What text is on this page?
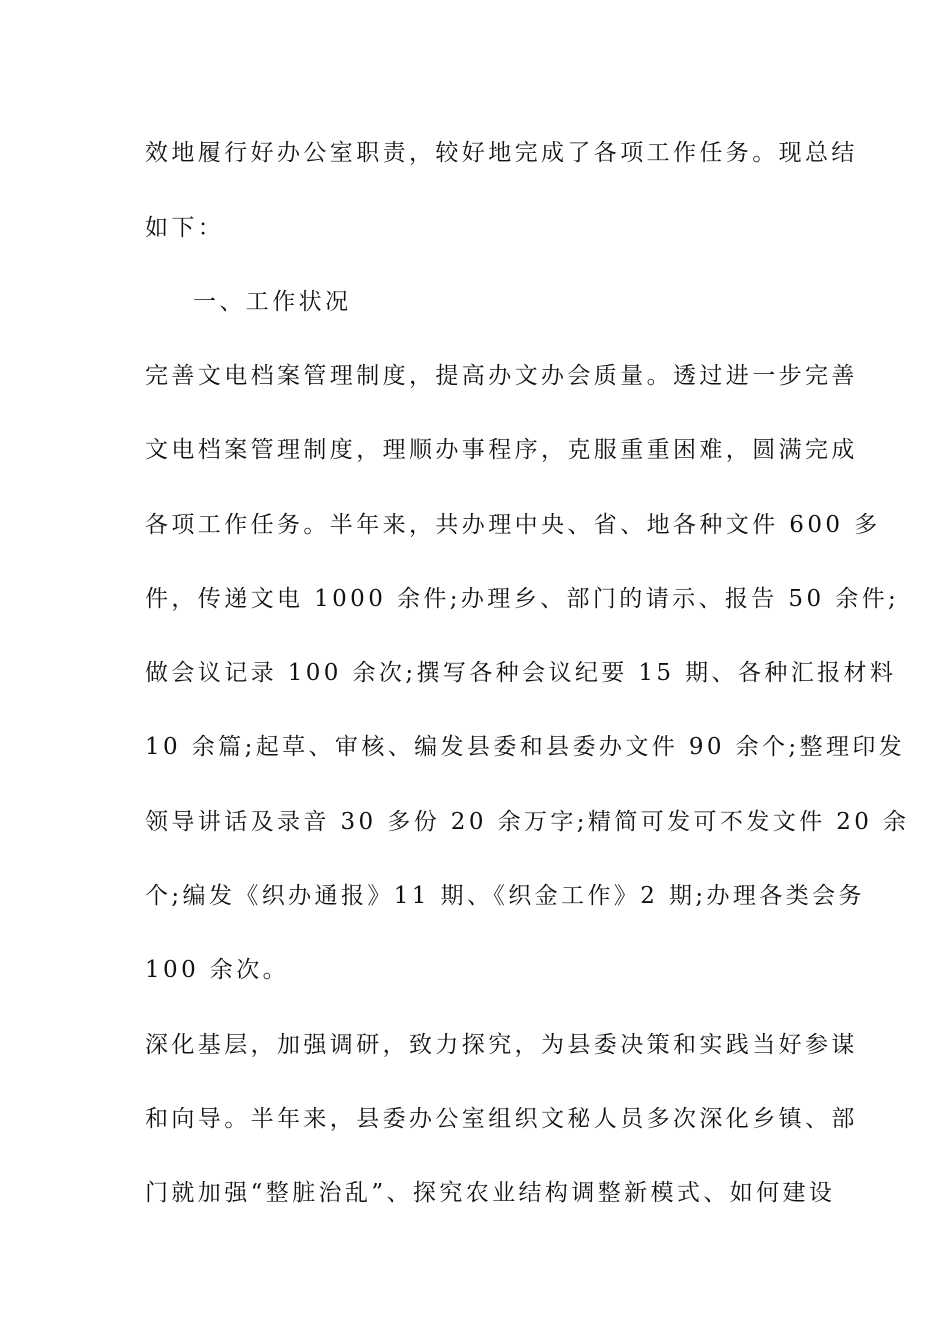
效地履行好办公室职责，较好地完成了各项工作任务。现总结
如下：
一、工作状况
完善文电档案管理制度，提高办文办会质量。透过进一步完善
文电档案管理制度，理顺办事程序，克服重重困难，圆满完成
各项工作任务。半年来，共办理中央、省、地各种文件 600 多
件，传递文电 1000 余件;办理乡、部门的请示、报告 50 余件;
做会议记录 100 余次;撰写各种会议纪要 15 期、各种汇报材料
10 余篇;起草、审核、编发县委和县委办文件 90 余个;整理印发
领导讲话及录音 30 多份 20 余万字;精简可发可不发文件 20 余
个;编发《织办通报》11 期、《织金工作》2 期;办理各类会务
100 余次。
深化基层，加强调研，致力探究，为县委决策和实践当好参谋
和向导。半年来，县委办公室组织文秘人员多次深化乡镇、部
门就加强“整脏治乱”、探究农业结构调整新模式、如何建设
